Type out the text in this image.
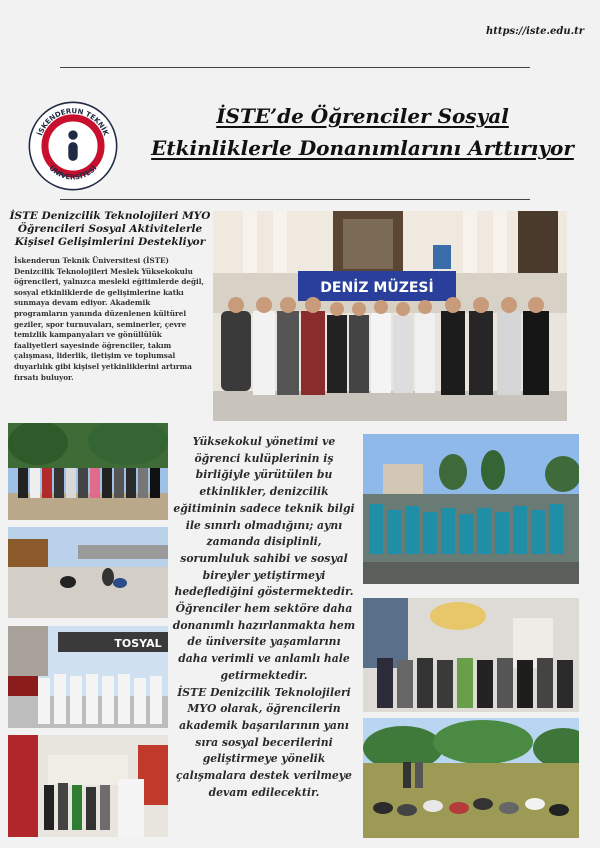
https://iste.edu.tr
İSKENDERUN TEKNİK
ÜNİVERSİTESİ
İSTE’de Öğrenciler Sosyal
Etkinliklerle Donanımlarını Arttırıyor
İSTE Denizcilik Teknolojileri MYO
Öğrencileri Sosyal Aktivitelerle
Kişisel Gelişimlerini Destekliyor

İskenderun Teknik Üniversitesi (İSTE)
Denizcilik Teknolojileri Meslek Yüksekokulu
öğrencileri, yalnızca mesleki eğitimlerde değil,
sosyal etkinliklerde de gelişimlerine katkı
sunmaya devam ediyor. Akademik
programların yanında düzenlenen kültürel
geziler, spor turnuvaları, seminerler, çevre
temizlik kampanyaları ve gönüllülük
faaliyetleri sayesinde öğrenciler, takım
çalışması, liderlik, iletişim ve toplumsal
duyarlılık gibi kişisel yetkinliklerini artırma
fırsatı buluyor.

DENİZ MÜZESİ
TOSYAL
Yüksekokul yönetimi ve
öğrenci kulüplerinin iş
birliğiyle yürütülen bu
etkinlikler, denizcilik
eğitiminin sadece teknik bilgi
ile sınırlı olmadığını; aynı
zamanda disiplinli,
sorumluluk sahibi ve sosyal
bireyler yetiştirmeyi
hedeflediğini göstermektedir.
Öğrenciler hem sektöre daha
donanımlı hazırlanmakta hem
de üniversite yaşamlarını
daha verimli ve anlamlı hale
getirmektedir.
İSTE Denizcilik Teknolojileri
MYO olarak, öğrencilerin
akademik başarılarının yanı
sıra sosyal becerilerini
geliştirmeye yönelik
çalışmalara destek verilmeye
devam edilecektir.
